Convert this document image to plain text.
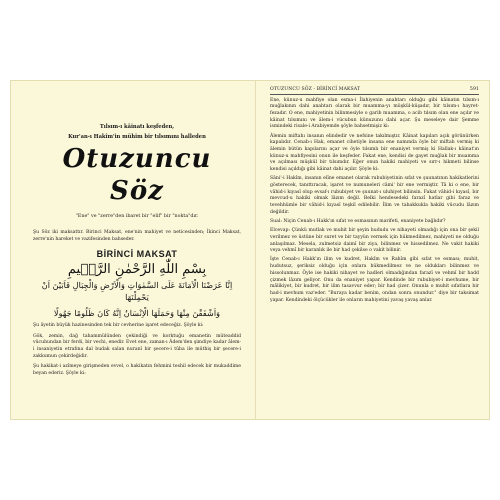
Tılsım-ı kâinatı keşfeden,
Kur'an-ı Hakîm'in mühim bir tılsımını halleden
Otuzuncu Söz
"Ene" ve "zerre"den ibaret bir "elif" bir "nokta"dır.

Şu Söz iki maksattır. Birinci Maksat, ene'nin mahiyet ve neticesinden; İkinci Maksat, zerre'nin hareket ve vazifesinden bahseder.

BİRİNCİ MAKSAT
بِسْمِ اللّٰهِ الرَّحْمٰنِ الرَّح۪يمِ
اِنَّا عَرَضْنَا الْاَمَانَةَ عَلَى السَّمٰوَاتِ وَالْاَرْضِ وَالْجِبَالِ فَاَبَيْنَ اَنْ يَحْمِلْنَهَا
وَاَشْفَقْنَ مِنْهَا وَحَمَلَهَا الْاِنْسَانُ اِنَّهُ كَانَ ظَلُومًا جَهُولًا

Şu âyetin büyük hazinesinden tek bir cevherine işaret edeceğiz. Şöyle ki:

Gök, zemin, dağ tahammülünden çekindiği ve korktuğu emanetin müteaddid vücuhundan bir ferdi, bir vechi, enedir. Evet ene, zaman-ı Âdem'den şimdiye kadar âlem-i insaniyetin etrafına dal budak salan nuranî bir şecere-i tûba ile müthiş bir şecere-i zakkumun çekirdeğidir.

Şu hakikat-i azîmeye girişmeden evvel, o hakikatın fehmini teshil edecek bir mukaddime beyan ederiz. Şöyle ki:

OTUZUNCU SÖZ - BİRİNCİ MAKSAT	591

Ene, künuz-u mahfiye olan esma-i İlahiyenin anahtarı olduğu gibi kâinatın tılsım-ı muğlakının dahi anahtarı olarak bir muamma-yı müşkül-küşadır, bir tılsım-ı hayret-fezadır. O ene, mahiyetinin bilinmesiyle o garib muamma, o acib tılsım olan ene açılır ve kâinat tılsımını ve âlem-i vücubun künuzunu dahi açar. Şu meseleye dair Şemme ismindeki risale-i Arabiyemde şöyle bahsetmişiz ki:

Âlemin miftahı insanın elindedir ve nefsine takılmıştır. Kâinat kapıları açık görünürken kapalıdır. Cenab-ı Hak, emanet cihetiyle insana ene namında öyle bir miftah vermiş ki âlemin bütün kapılarını açar ve öyle tılsımlı bir enaniyet vermiş ki Hallak-ı kâinat'ın künuz-u mahfiyesini onun ile keşfeder. Fakat ene, kendisi de gayet muğlak bir muamma ve açılması müşkül bir tılsımdır. Eğer onun hakiki mahiyeti ve sırr-ı hikmeti bilinse kendisi açıldığı gibi kâinat dahi açılır. Şöyle ki:

Sâni'-i Hakîm, insanın elîne emanet olarak rububiyetinin sıfat ve şuunatının hakikatlerini gösterecek, tanıttıracak, işaret ve numuneleri câmi' bir ene vermiştir. Tâ ki o ene, bir vâhid-i kıyasî olup evsaf-ı rububiyet ve şuunat-ı uluhiyet bilinsin. Fakat vâhid-i kıyasî, bir mevcud-u hakiki olmak lâzım değil. Belki hendesedeki farazî hatlar gibi faraz ve tevehhümle bir vâhid-i kıyasî teşkil edilebilir. İlim ve tahakkukla hakiki vücudu lâzım değildir.

Sual: Niçin Cenab-ı Hakk'ın sıfat ve esmasının marifeti, enaniyete bağlıdır?

Elcevap: Çünkü mutlak ve muhit bir şeyin hududu ve nihayeti olmadığı için ona bir şekil verilmez ve üstüne bir suret ve bir tayyün vermek için hükmedilmez, mahiyeti ne olduğu anlaşılmaz. Mesela, zulmetsiz daimî bir ziya, bilinmez ve hissedilmez. Ne vakit hakiki veya vehmî bir karanlık ile bir had çekilse o vakit bilinir.

İşte Cenab-ı Hakk'ın ilim ve kudret, Hakîm ve Rahîm gibi sıfat ve esması; muhit, hudutsuz, şeriksiz olduğu için onlara hükmedilmez ve ne oldukları bilinmez ve hissolunmaz. Öyle ise hakiki nihayet ve hadleri olmadığından farazî ve vehmî bir hadd çizmek lâzım geliyor. Onu da enaniyet yapar. Kendinde bir rububiyet-i mevhume, bir mâlikiyet, bir kudret, bir ilim tasavvur eder; bir had çizer. Onunla o muhit sıfatlara bir had-i mevhum vaz'eder. "Buraya kadar benim, ondan sonra onundur." diye bir taksimat yapar. Kendindeki ölçücükler ile onların mahiyetini yavaş yavaş anlar.
